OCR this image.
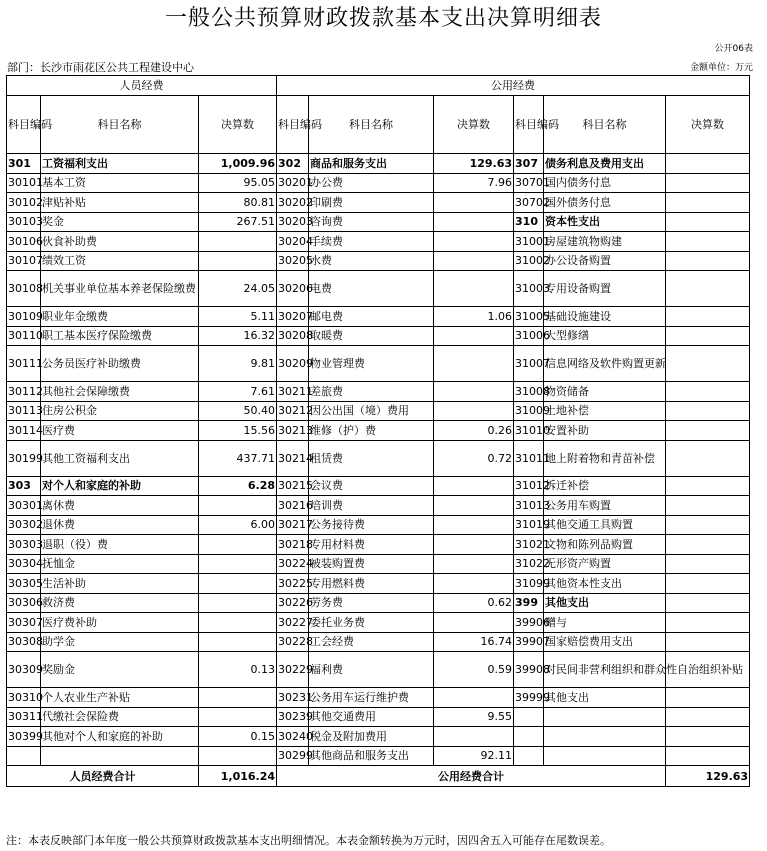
一般公共预算财政拨款基本支出决算明细表
公开06表
部门：长沙市雨花区公共工程建设中心	金额单位：万元
人员经费			公用经费					
科目编码	科目名称	决算数	科目编码	科目名称	决算数	科目编码	科目名称	决算数
301	工资福利支出	1,009.96	302	商品和服务支出	129.63	307	债务利息及费用支出	
30101	基本工资	95.05	30201	办公费	7.96	30701	国内债务付息	
30102	津贴补贴	80.81	30202	印刷费		30702	国外债务付息	
30103	奖金	267.51	30203	咨询费		310	资本性支出	
30106	伙食补助费		30204	手续费		31001	房屋建筑物购建	
30107	绩效工资		30205	水费		31002	办公设备购置	
30108	机关事业单位基本养老保险缴费	24.05	30206	电费		31003	专用设备购置	
30109	职业年金缴费	5.11	30207	邮电费	1.06	31005	基础设施建设	
30110	职工基本医疗保险缴费	16.32	30208	取暖费		31006	大型修缮	
30111	公务员医疗补助缴费	9.81	30209	物业管理费		31007	信息网络及软件购置更新	
30112	其他社会保障缴费	7.61	30211	差旅费		31008	物资储备	
30113	住房公积金	50.40	30212	因公出国（境）费用		31009	土地补偿	
30114	医疗费	15.56	30213	维修（护）费	0.26	31010	安置补助	
30199	其他工资福利支出	437.71	30214	租赁费	0.72	31011	地上附着物和青苗补偿	
303	对个人和家庭的补助	6.28	30215	会议费		31012	拆迁补偿	
30301	离休费		30216	培训费		31013	公务用车购置	
30302	退休费	6.00	30217	公务接待费		31019	其他交通工具购置	
30303	退职（役）费		30218	专用材料费		31021	文物和陈列品购置	
30304	抚恤金		30224	被装购置费		31022	无形资产购置	
30305	生活补助		30225	专用燃料费		31099	其他资本性支出	
30306	救济费		30226	劳务费	0.62	399	其他支出	
30307	医疗费补助		30227	委托业务费		39906	赠与	
30308	助学金		30228	工会经费	16.74	39907	国家赔偿费用支出	
30309	奖励金	0.13	30229	福利费	0.59	39908	对民间非营利组织和群众性自治组织补贴	
30310	个人农业生产补贴		30231	公务用车运行维护费		39999	其他支出	
30311	代缴社会保险费		30239	其他交通费用	9.55			
30399	其他对个人和家庭的补助	0.15	30240	税金及附加费用				
			30299	其他商品和服务支出	92.11			
人员经费合计		1,016.24	公用经费合计					129.63
注：本表反映部门本年度一般公共预算财政拨款基本支出明细情况。本表金额转换为万元时，因四舍五入可能存在尾数误差。
